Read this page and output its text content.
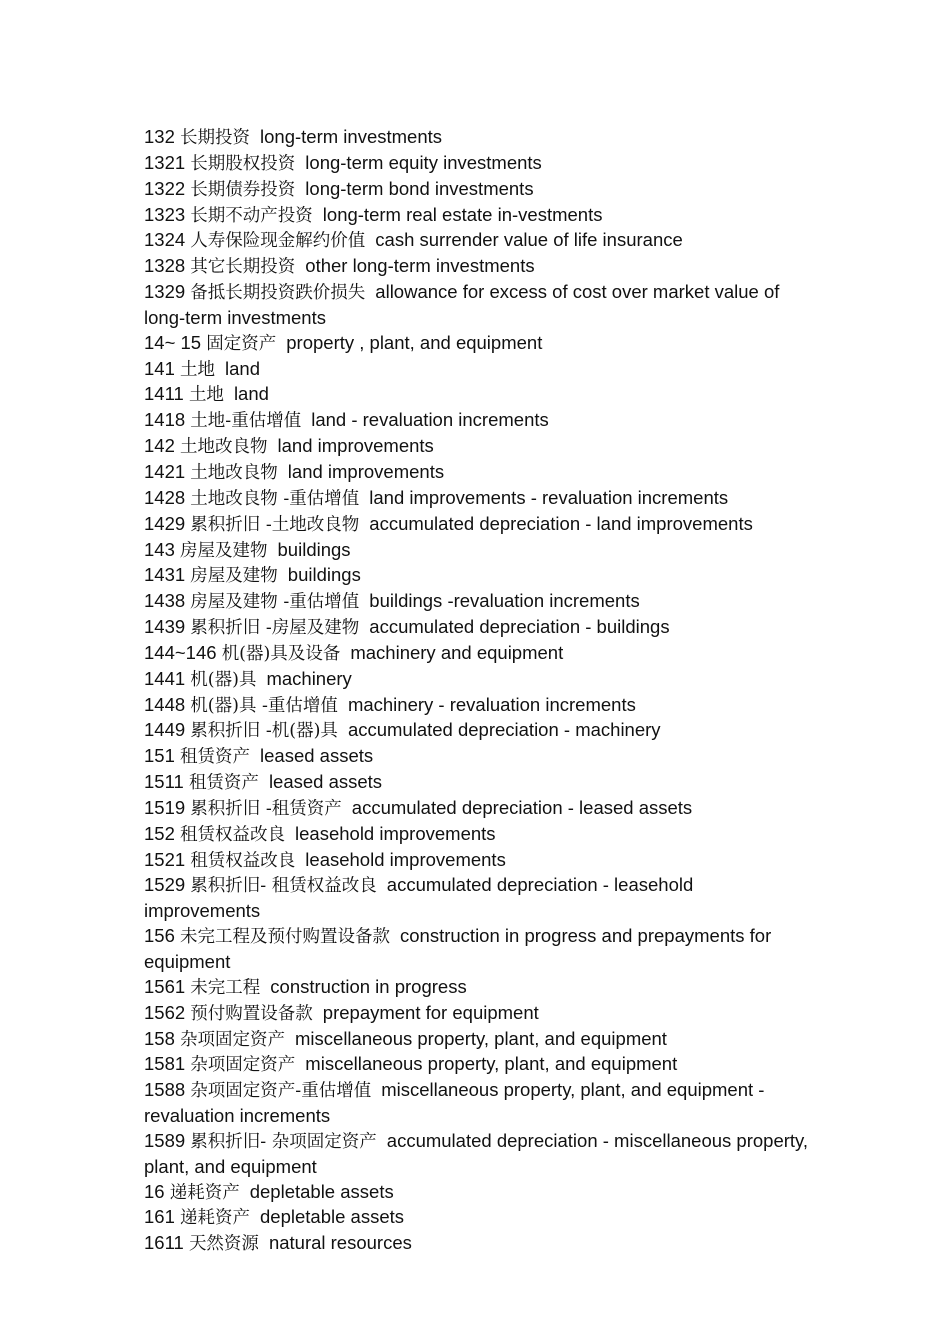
132 长期投资 long-term investments

1321 长期股权投资 long-term equity investments

1322 长期债券投资 long-term bond investments

1323 长期不动产投资 long-term real estate in-vestments

1324 人寿保险现金解约价值 cash surrender value of life insurance

1328 其它长期投资 other long-term investments

1329 备抵长期投资跌价损失 allowance for excess of cost over market value of long-term investments

14~ 15 固定资产 property , plant, and equipment

141 土地 land

1411 土地 land

1418 土地-重估增值 land - revaluation increments

142 土地改良物 land improvements

1421 土地改良物 land improvements

1428 土地改良物 -重估增值 land improvements - revaluation increments

1429 累积折旧 -土地改良物 accumulated depreciation - land improvements

143 房屋及建物 buildings

1431 房屋及建物 buildings

1438 房屋及建物 -重估增值 buildings -revaluation increments

1439 累积折旧 -房屋及建物 accumulated depreciation - buildings

144~146 机(器)具及设备 machinery and equipment

1441 机(器)具 machinery

1448 机(器)具 -重估增值 machinery - revaluation increments

1449 累积折旧 -机(器)具 accumulated depreciation - machinery

151 租赁资产 leased assets

1511 租赁资产 leased assets

1519 累积折旧 -租赁资产 accumulated depreciation - leased assets

152 租赁权益改良 leasehold improvements

1521 租赁权益改良 leasehold improvements

1529 累积折旧- 租赁权益改良 accumulated depreciation - leasehold improvements

156 未完工程及预付购置设备款 construction in progress and prepayments for equipment

1561 未完工程 construction in progress

1562 预付购置设备款 prepayment for equipment

158 杂项固定资产 miscellaneous property, plant, and equipment

1581 杂项固定资产 miscellaneous property, plant, and equipment

1588 杂项固定资产-重估增值 miscellaneous property, plant, and equipment - revaluation increments

1589 累积折旧- 杂项固定资产 accumulated depreciation - miscellaneous property, plant, and equipment

16 递耗资产 depletable assets

161 递耗资产 depletable assets

1611 天然资源 natural resources
